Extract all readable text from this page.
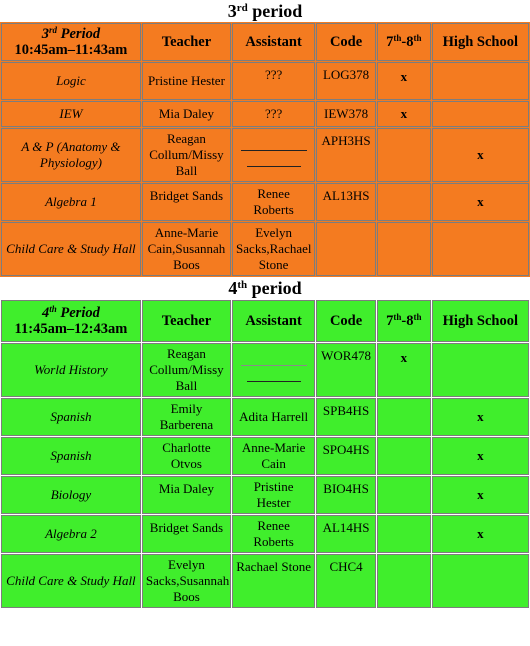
3rd period
3rd Period
10:45am–11:43am	Teacher	Assistant	Code	7th-8th	High School
Logic	Pristine Hester	???	LOG378	x	
IEW	Mia Daley	???	IEW378	x	
A & P (Anatomy & Physiology)	Reagan Collum/Missy Ball		APH3HS		x
Algebra 1	Bridget Sands	Renee Roberts	AL13HS		x
Child Care & Study Hall	Anne-Marie Cain,Susannah Boos	Evelyn Sacks,Rachael Stone			
4th period
4th Period
11:45am–12:43am	Teacher	Assistant	Code	7th-8th	High School
World History	Reagan Collum/Missy Ball		WOR478	x	
Spanish	Emily Barberena	Adita Harrell	SPB4HS		x
Spanish	Charlotte Otvos	Anne-Marie Cain	SPO4HS		x
Biology	Mia Daley	Pristine Hester	BIO4HS		x
Algebra 2	Bridget Sands	Renee Roberts	AL14HS		x
Child Care & Study Hall	Evelyn Sacks,Susannah Boos	Rachael Stone	CHC4		
